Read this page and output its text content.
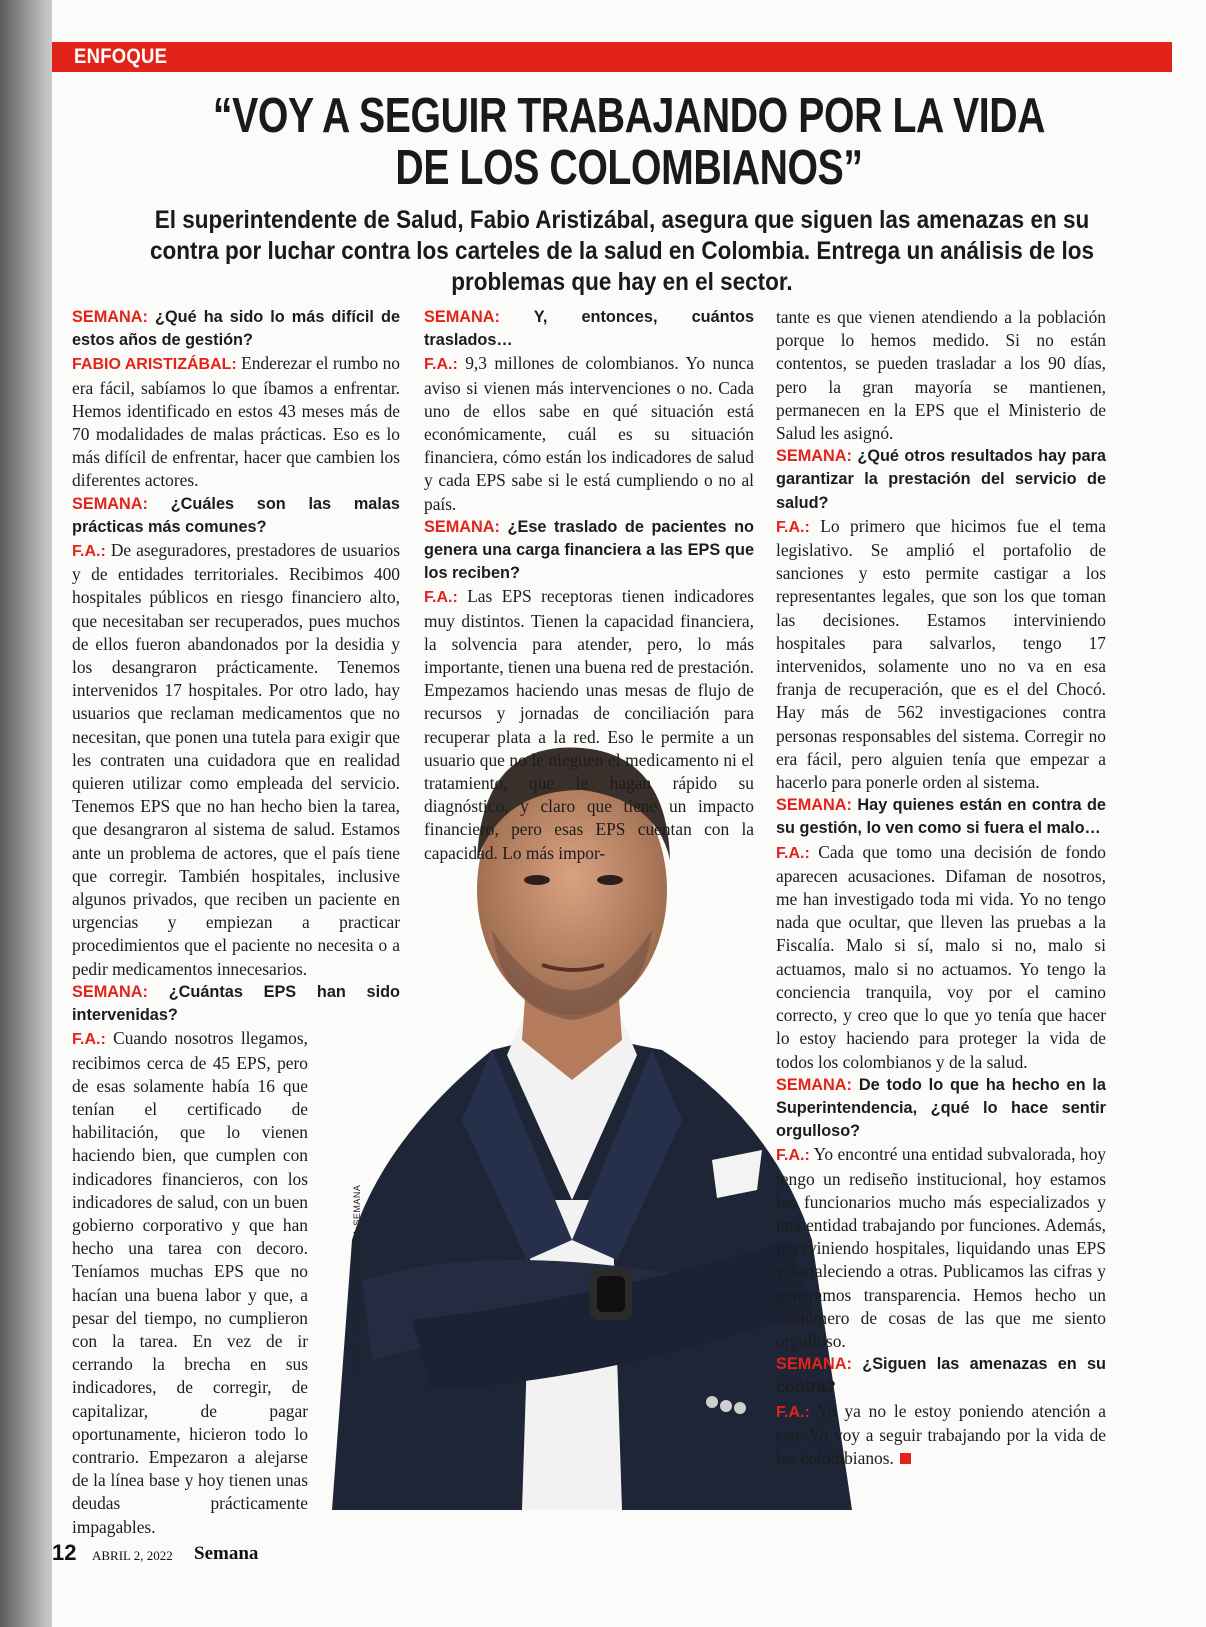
ENFOQUE
“VOY A SEGUIR TRABAJANDO POR LA VIDA
DE LOS COLOMBIANOS”
El superintendente de Salud, Fabio Aristizábal, asegura que siguen las amenazas en su
contra por luchar contra los carteles de la salud en Colombia. Entrega un análisis de los
problemas que hay en el sector.
FOTO: JUAN CARLOS SIERRA-SEMANA

SEMANA: ¿Qué ha sido lo más difícil de estos años de gestión?

FABIO ARISTIZÁBAL: Enderezar el rumbo no era fácil, sabíamos lo que íbamos a enfrentar. Hemos identificado en estos 43 meses más de 70 modalidades de malas prácticas. Eso es lo más difícil de enfrentar, hacer que cambien los diferentes actores.

SEMANA: ¿Cuáles son las malas prácticas más comunes?

F.A.: De aseguradores, prestadores de usuarios y de entidades territoriales. Recibimos 400 hospitales públicos en riesgo financiero alto, que necesitaban ser recuperados, pues muchos de ellos fueron abandonados por la desidia y los desangraron prácticamente. Tenemos intervenidos 17 hospitales. Por otro lado, hay usuarios que reclaman medicamentos que no necesitan, que ponen una tutela para exigir que les contraten una cuidadora que en realidad quieren utilizar como empleada del servicio. Tenemos EPS que no han hecho bien la tarea, que desangraron al sistema de salud. Estamos ante un problema de actores, que el país tiene que corregir. También hospitales, inclusive algunos privados, que reciben un paciente en urgencias y empiezan a practicar procedimientos que el paciente no necesita o a pedir medicamentos innecesarios.

SEMANA: ¿Cuántas EPS han sido intervenidas?

F.A.: Cuando nosotros llegamos, recibimos cerca de 45 EPS, pero de esas solamente había 16 que tenían el certificado de habilitación, que lo vienen haciendo bien, que cumplen con indicadores financieros, con los indicadores de salud, con un buen gobierno corporativo y que han hecho una tarea con decoro. Teníamos muchas EPS que no hacían una buena labor y que, a pesar del tiempo, no cumplieron con la tarea. En vez de ir cerrando la brecha en sus indicadores, de corregir, de capitalizar, de pagar oportunamente, hicieron todo lo contrario. Empezaron a alejarse de la línea base y hoy tienen unas deudas prácticamente impagables.

SEMANA: Y, entonces, cuántos traslados…

F.A.: 9,3 millones de colombianos. Yo nunca aviso si vienen más intervenciones o no. Cada uno de ellos sabe en qué situación está económicamente, cuál es su situación financiera, cómo están los indicadores de salud y cada EPS sabe si le está cumpliendo o no al país.

SEMANA: ¿Ese traslado de pacientes no genera una carga financiera a las EPS que los reciben?

F.A.: Las EPS receptoras tienen indicadores muy distintos. Tienen la capacidad financiera, la solvencia para atender, pero, lo más importante, tienen una buena red de prestación. Empezamos haciendo unas mesas de flujo de recursos y jornadas de conciliación para recuperar plata a la red. Eso le permite a un usuario que no le nieguen el medicamento ni el tratamiento, que le hagan rápido su diagnóstico, y claro que tiene un impacto financiero, pero esas EPS cuentan con la capacidad. Lo más impor-

tante es que vienen atendiendo a la población porque lo hemos medido. Si no están contentos, se pueden trasladar a los 90 días, pero la gran mayoría se mantienen, permanecen en la EPS que el Ministerio de Salud les asignó.

SEMANA: ¿Qué otros resultados hay para garantizar la prestación del servicio de salud?

F.A.: Lo primero que hicimos fue el tema legislativo. Se amplió el portafolio de sanciones y esto permite castigar a los representantes legales, que son los que toman las decisiones. Estamos interviniendo hospitales para salvarlos, tengo 17 intervenidos, solamente uno no va en esa franja de recuperación, que es el del Chocó. Hay más de 562 investigaciones contra personas responsables del sistema. Corregir no era fácil, pero alguien tenía que empezar a hacerlo para ponerle orden al sistema.

SEMANA: Hay quienes están en contra de su gestión, lo ven como si fuera el malo…

F.A.: Cada que tomo una decisión de fondo aparecen acusaciones. Difaman de nosotros, me han investigado toda mi vida. Yo no tengo nada que ocultar, que lleven las pruebas a la Fiscalía. Malo si sí, malo si no, malo si actuamos, malo si no actuamos. Yo tengo la conciencia tranquila, voy por el camino correcto, y creo que lo que yo tenía que hacer lo estoy haciendo para proteger la vida de todos los colombianos y de la salud.

SEMANA: De todo lo que ha hecho en la Superintendencia, ¿qué lo hace sentir orgulloso?

F.A.: Yo encontré una entidad subvalorada, hoy tengo un rediseño institucional, hoy estamos los funcionarios mucho más especializados y una entidad trabajando por funciones. Además, interviniendo hospitales, liquidando unas EPS y fortaleciendo a otras. Publicamos las cifras y generamos transparencia. Hemos hecho un sinnúmero de cosas de las que me siento orgulloso.

SEMANA: ¿Siguen las amenazas en su contra?

F.A.: Yo ya no le estoy poniendo atención a eso. Yo voy a seguir trabajando por la vida de los colombianos.

12 ABRIL 2, 2022 Semana
